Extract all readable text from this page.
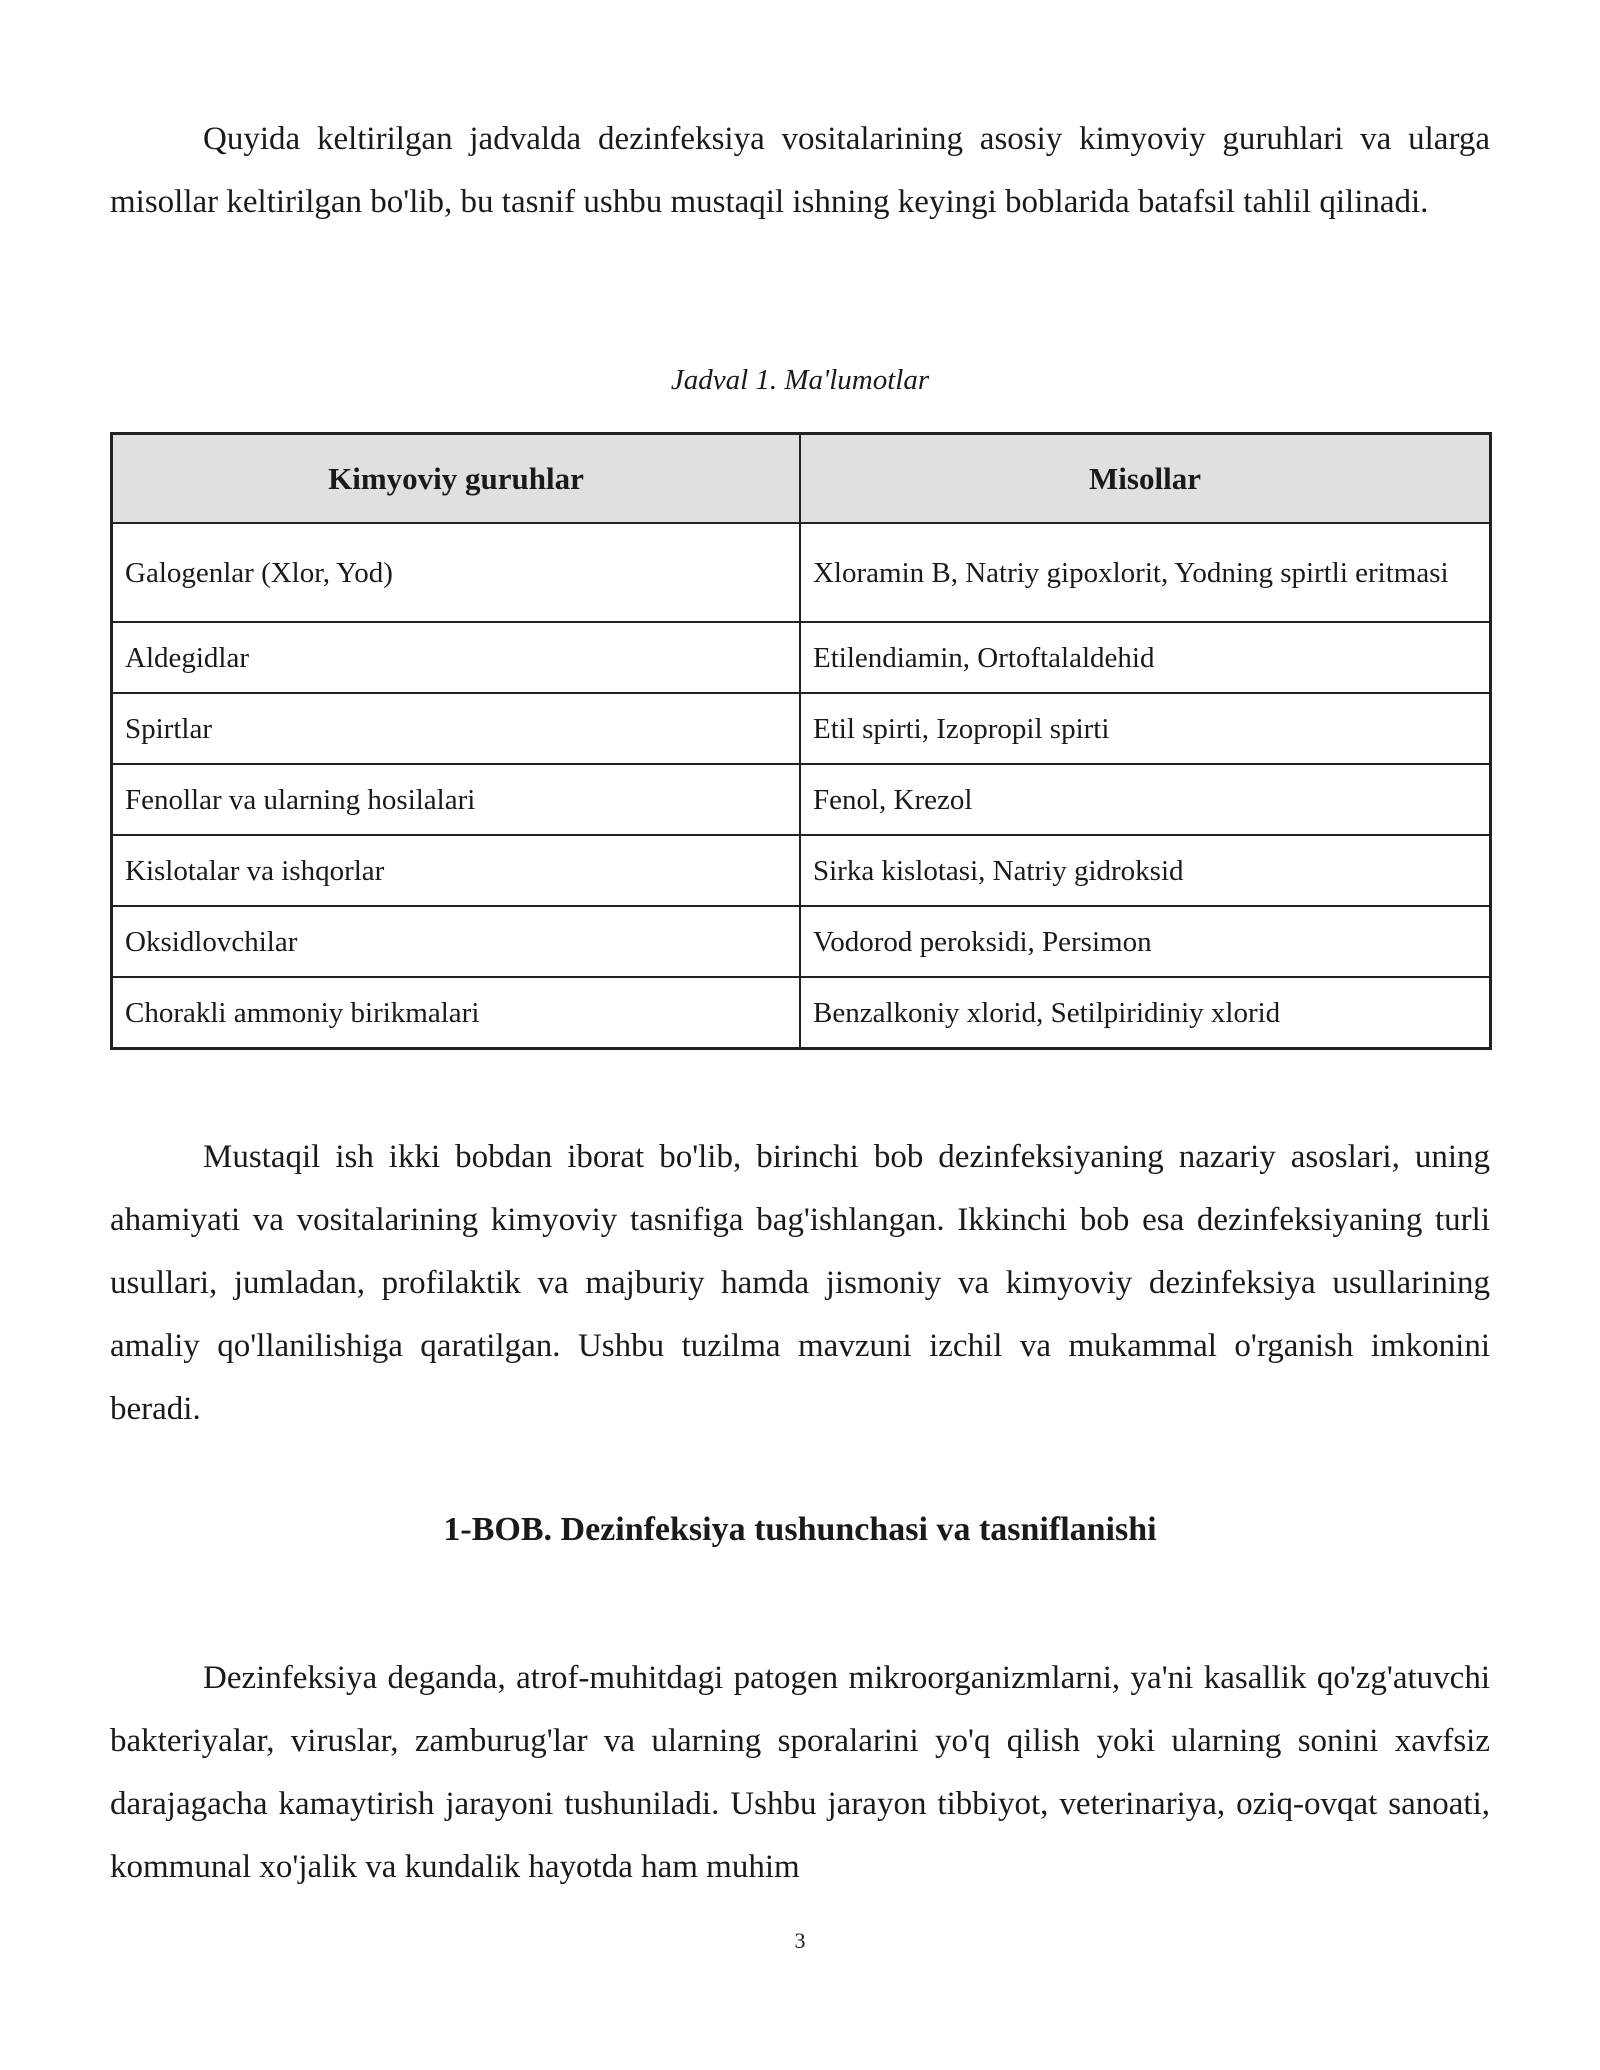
Quyida keltirilgan jadvalda dezinfeksiya vositalarining asosiy kimyoviy guruhlari va ularga misollar keltirilgan bo'lib, bu tasnif ushbu mustaqil ishning keyingi boblarida batafsil tahlil qilinadi.

Jadval 1. Ma'lumotlar

Kimyoviy guruhlar	Misollar
Galogenlar (Xlor, Yod)	Xloramin B, Natriy gipoxlorit, Yodning spirtli eritmasi
Aldegidlar	Etilendiamin, Ortoftalaldehid
Spirtlar	Etil spirti, Izopropil spirti
Fenollar va ularning hosilalari	Fenol, Krezol
Kislotalar va ishqorlar	Sirka kislotasi, Natriy gidroksid
Oksidlovchilar	Vodorod peroksidi, Persimon
Chorakli ammoniy birikmalari	Benzalkoniy xlorid, Setilpiridiniy xlorid

Mustaqil ish ikki bobdan iborat bo'lib, birinchi bob dezinfeksiyaning nazariy asoslari, uning ahamiyati va vositalarining kimyoviy tasnifiga bag'ishlangan. Ikkinchi bob esa dezinfeksiyaning turli usullari, jumladan, profilaktik va majburiy hamda jismoniy va kimyoviy dezinfeksiya usullarining amaliy qo'llanilishiga qaratilgan. Ushbu tuzilma mavzuni izchil va mukammal o'rganish imkonini beradi.

1-BOB. Dezinfeksiya tushunchasi va tasniflanishi

Dezinfeksiya deganda, atrof-muhitdagi patogen mikroorganizmlarni, ya'ni kasallik qo'zg'atuvchi bakteriyalar, viruslar, zamburug'lar va ularning sporalarini yo'q qilish yoki ularning sonini xavfsiz darajagacha kamaytirish jarayoni tushuniladi. Ushbu jarayon tibbiyot, veterinariya, oziq-ovqat sanoati, kommunal xo'jalik va kundalik hayotda ham muhim

3
